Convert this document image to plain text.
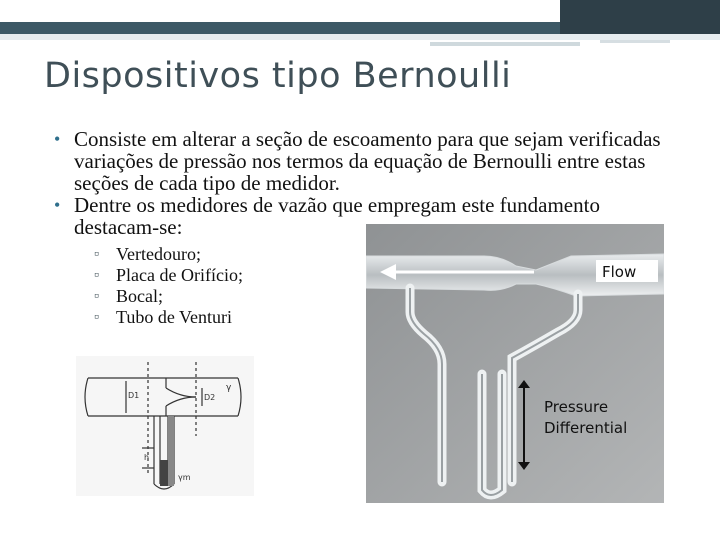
Dispositivos tipo Bernoulli
• Consiste em alterar a seção de escoamento para que sejam verificadas variações de pressão nos termos da equação de Bernoulli entre estas seções de cada tipo de medidor.
• Dentre os medidores de vazão que empregam este fundamento destacam-se:
▫ Vertedouro;
▫ Placa de Orifício;
▫ Bocal;
▫ Tubo de Venturi
D1	D2
γ
h
γm
Flow
Pressure
Differential
